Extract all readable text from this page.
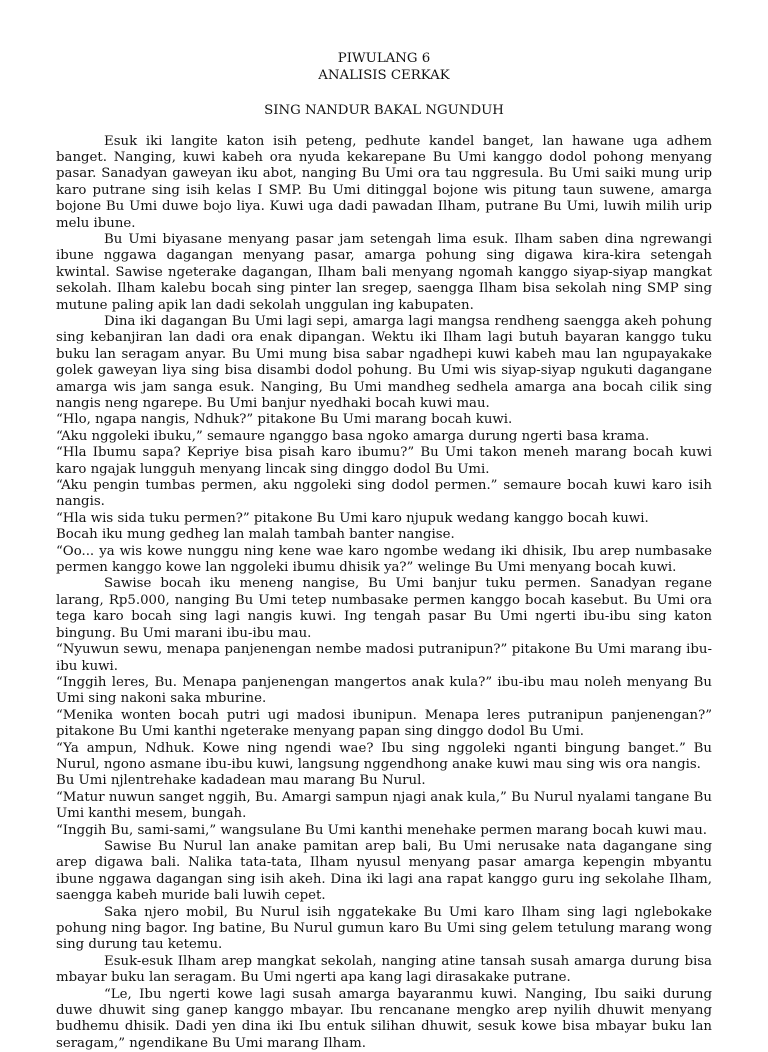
PIWULANG 6

ANALISIS CERKAK

SING NANDUR BAKAL NGUNDUH

Esuk iki langite katon isih peteng, pedhute kandel banget, lan hawane uga adhem banget. Nanging, kuwi kabeh ora nyuda kekarepane Bu Umi kanggo dodol pohong menyang pasar. Sanadyan gaweyan iku abot, nanging Bu Umi ora tau nggresula. Bu Umi saiki mung urip karo putrane sing isih kelas I SMP. Bu Umi ditinggal bojone wis pitung taun suwene, amarga bojone Bu Umi duwe bojo liya. Kuwi uga dadi pawadan Ilham, putrane Bu Umi, luwih milih urip melu ibune.

Bu Umi biyasane menyang pasar jam setengah lima esuk. Ilham saben dina ngrewangi ibune nggawa dagangan menyang pasar, amarga pohung sing digawa kira-kira setengah kwintal. Sawise ngeterake dagangan, Ilham bali menyang ngomah kanggo siyap-siyap mangkat sekolah. Ilham kalebu bocah sing pinter lan sregep, saengga Ilham bisa sekolah ning SMP sing mutune paling apik lan dadi sekolah unggulan ing kabupaten.

Dina iki dagangan Bu Umi lagi sepi, amarga lagi mangsa rendheng saengga akeh pohung sing kebanjiran lan dadi ora enak dipangan. Wektu iki Ilham lagi butuh bayaran kanggo tuku buku lan seragam anyar. Bu Umi mung bisa sabar ngadhepi kuwi kabeh mau lan ngupayakake golek gaweyan liya sing bisa disambi dodol pohung. Bu Umi wis siyap-siyap ngukuti dagangane amarga wis jam sanga esuk. Nanging, Bu Umi mandheg sedhela amarga ana bocah cilik sing nangis neng ngarepe. Bu Umi banjur nyedhaki bocah kuwi mau.

“Hlo, ngapa nangis, Ndhuk?” pitakone Bu Umi marang bocah kuwi.

“Aku nggoleki ibuku,” semaure nganggo basa ngoko amarga durung ngerti basa krama.

“Hla Ibumu sapa? Kepriye bisa pisah karo ibumu?” Bu Umi takon meneh marang bocah kuwi karo ngajak lungguh menyang lincak sing dinggo dodol Bu Umi.

“Aku pengin tumbas permen, aku nggoleki sing dodol permen.” semaure bocah kuwi karo isih nangis.

“Hla wis sida tuku permen?” pitakone Bu Umi karo njupuk wedang kanggo bocah kuwi.

Bocah iku mung gedheg lan malah tambah banter nangise.

“Oo... ya wis kowe nunggu ning kene wae karo ngombe wedang iki dhisik, Ibu arep numbasake permen kanggo kowe lan nggoleki ibumu dhisik ya?” welinge Bu Umi menyang bocah kuwi.

Sawise bocah iku meneng nangise, Bu Umi banjur tuku permen. Sanadyan regane larang, Rp5.000, nanging Bu Umi tetep numbasake permen kanggo bocah kasebut. Bu Umi ora tega karo bocah sing lagi nangis kuwi. Ing tengah pasar Bu Umi ngerti ibu-ibu sing katon bingung. Bu Umi marani ibu-ibu mau.

“Nyuwun sewu, menapa panjenengan nembe madosi putranipun?” pitakone Bu Umi marang ibu-ibu kuwi.

“Inggih leres, Bu. Menapa panjenengan mangertos anak kula?” ibu-ibu mau noleh menyang Bu Umi sing nakoni saka mburine.

“Menika wonten bocah putri ugi madosi ibunipun. Menapa leres putranipun panjenengan?” pitakone Bu Umi kanthi ngeterake menyang papan sing dinggo dodol Bu Umi.

“Ya ampun, Ndhuk. Kowe ning ngendi wae? Ibu sing nggoleki nganti bingung banget.” Bu Nurul, ngono asmane ibu-ibu kuwi, langsung nggendhong anake kuwi mau sing wis ora nangis.

Bu Umi njlentrehake kadadean mau marang Bu Nurul.

“Matur nuwun sanget nggih, Bu. Amargi sampun njagi anak kula,” Bu Nurul nyalami tangane Bu Umi kanthi mesem, bungah.

“Inggih Bu, sami-sami,” wangsulane Bu Umi kanthi menehake permen marang bocah kuwi mau.

Sawise Bu Nurul lan anake pamitan arep bali, Bu Umi nerusake nata dagangane sing arep digawa bali. Nalika tata-tata, Ilham nyusul menyang pasar amarga kepengin mbyantu ibune nggawa dagangan sing isih akeh. Dina iki lagi ana rapat kanggo guru ing sekolahe Ilham, saengga kabeh muride bali luwih cepet.

Saka njero mobil, Bu Nurul isih nggatekake Bu Umi karo Ilham sing lagi nglebokake pohung ning bagor. Ing batine, Bu Nurul gumun karo Bu Umi sing gelem tetulung marang wong sing durung tau ketemu.

Esuk-esuk Ilham arep mangkat sekolah, nanging atine tansah susah amarga durung bisa mbayar buku lan seragam. Bu Umi ngerti apa kang lagi dirasakake putrane.

“Le, Ibu ngerti kowe lagi susah amarga bayaranmu kuwi. Nanging, Ibu saiki durung duwe dhuwit sing ganep kanggo mbayar. Ibu rencanane mengko arep nyilih dhuwit menyang budhemu dhisik. Dadi yen dina iki Ibu entuk silihan dhuwit, sesuk kowe bisa mbayar buku lan seragam,” ngendikane Bu Umi marang Ilham.
